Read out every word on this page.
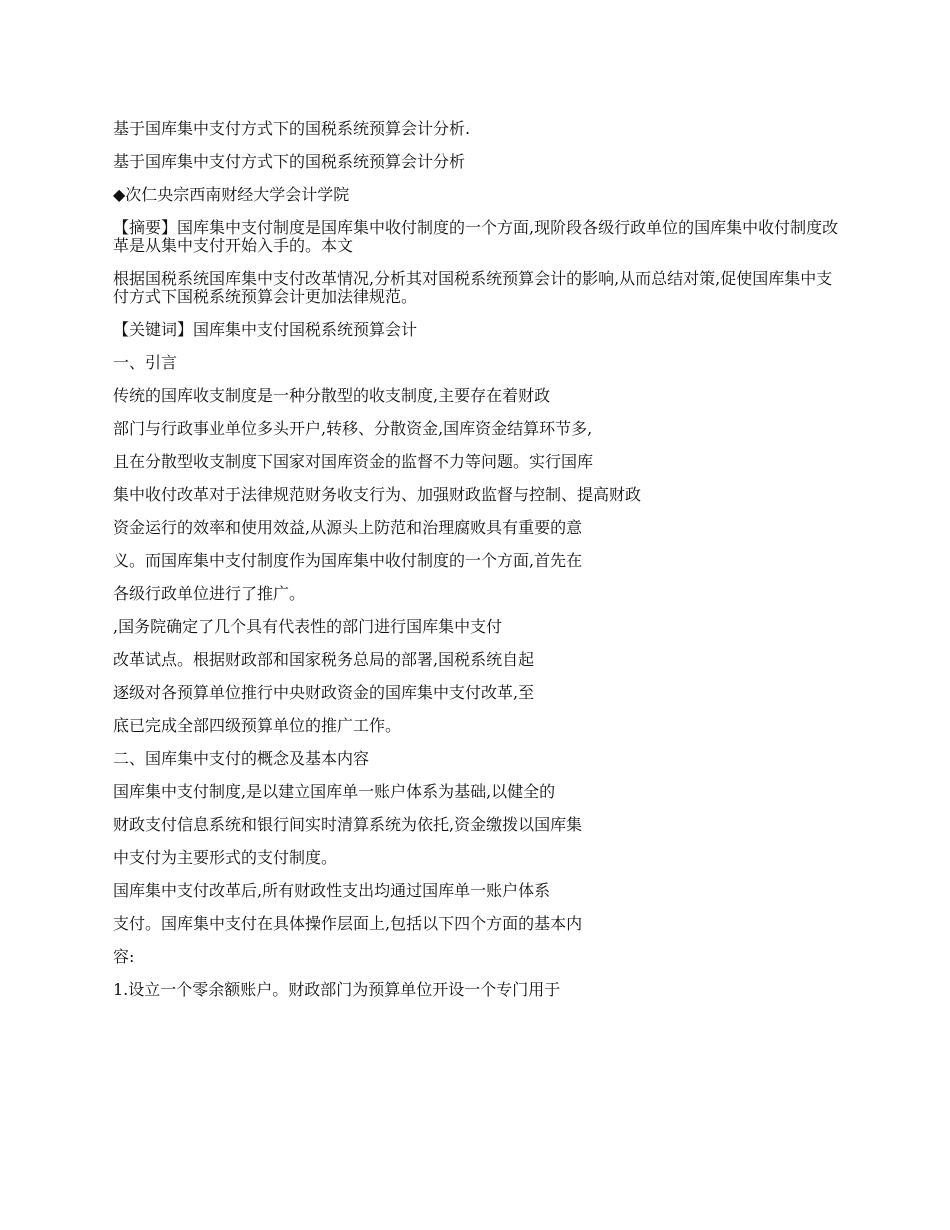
基于国库集中支付方式下的国税系统预算会计分析.

基于国库集中支付方式下的国税系统预算会计分析

◆次仁央宗西南财经大学会计学院

【摘要】国库集中支付制度是国库集中收付制度的一个方面,现阶段各级行政单位的国库集中收付制度改革是从集中支付开始入手的。本文

根据国税系统国库集中支付改革情况,分析其对国税系统预算会计的影响,从而总结对策,促使国库集中支付方式下国税系统预算会计更加法律规范。

【关键词】国库集中支付国税系统预算会计

一、引言

传统的国库收支制度是一种分散型的收支制度,主要存在着财政

部门与行政事业单位多头开户,转移、分散资金,国库资金结算环节多,

且在分散型收支制度下国家对国库资金的监督不力等问题。实行国库

集中收付改革对于法律规范财务收支行为、加强财政监督与控制、提高财政

资金运行的效率和使用效益,从源头上防范和治理腐败具有重要的意

义。而国库集中支付制度作为国库集中收付制度的一个方面,首先在

各级行政单位进行了推广。

,国务院确定了几个具有代表性的部门进行国库集中支付

改革试点。根据财政部和国家税务总局的部署,国税系统自起

逐级对各预算单位推行中央财政资金的国库集中支付改革,至

底已完成全部四级预算单位的推广工作。

二、国库集中支付的概念及基本内容

国库集中支付制度,是以建立国库单一账户体系为基础,以健全的

财政支付信息系统和银行间实时清算系统为依托,资金缴拨以国库集

中支付为主要形式的支付制度。

国库集中支付改革后,所有财政性支出均通过国库单一账户体系

支付。国库集中支付在具体操作层面上,包括以下四个方面的基本内

容:

1.设立一个零余额账户。财政部门为预算单位开设一个专门用于
